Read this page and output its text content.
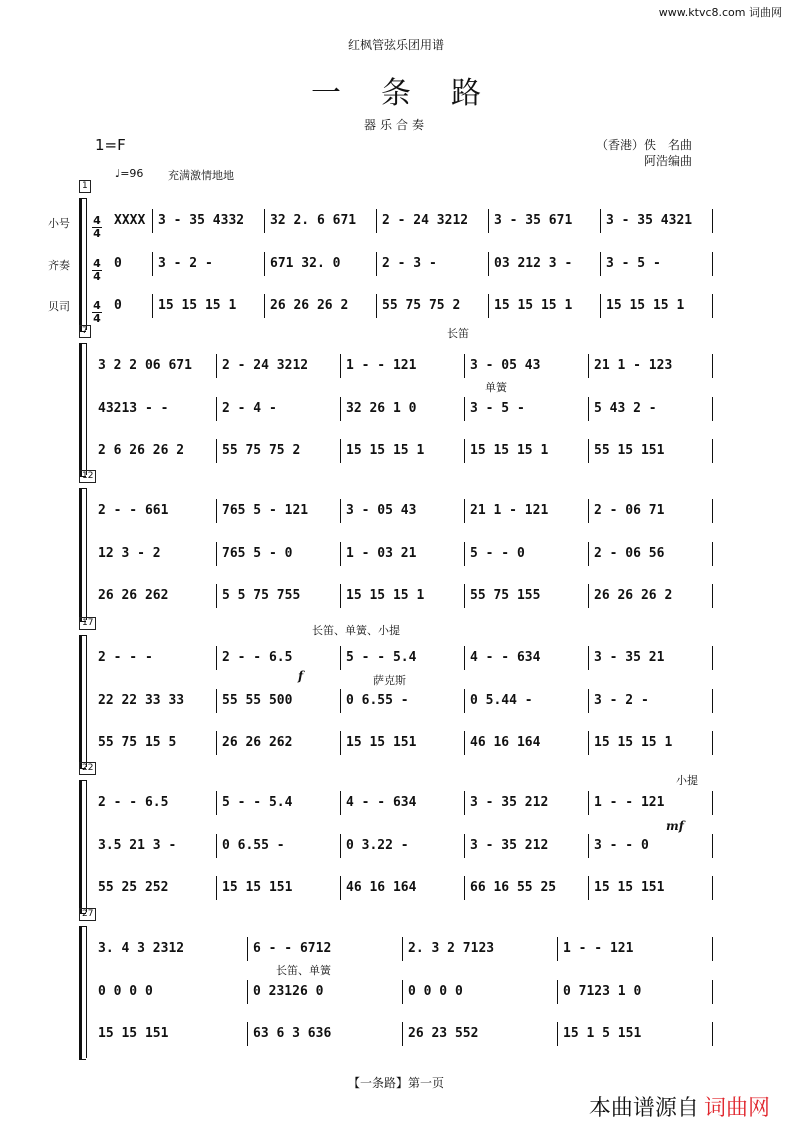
www.ktvc8.com 词曲网
红枫管弦乐团用谱
一条路
器乐合奏
1=F	（香港）佚　名曲
阿浩编曲
♩=96 充满激情地地
小号
齐奏
贝司
1
4
4
4
4
4
4
XXXX 3 - 35 4332	32 2. 6 671	2 - 24 3212	3 - 35 671	3 - 35 4321
0	3 - 2 -	671 32. 0	2 - 3 -	03 212 3 -	3 - 5 -
0	15 15 15 1	26 26 26 2	55 75 75 2	15 15 15 1	15 15 15 1
7
3 2 2 06 671	2 - 24 3212	1 - - 121	3 - 05 43	21 1 - 123
43213 - -	2 - 4 -	32 26 1 0	3 - 5 -	5 43 2 -
2 6 26 26 2	55 75 75 2	15 15 15 1	15 15 15 1	55 15 151
长笛
单簧
12
2 - - 661	765 5 - 121	3 - 05 43	21 1 - 121	2 - 06 71
12 3 - 2	765 5 - 0	1 - 03 21	5 - - 0	2 - 06 56
26 26 262	5 5 75 755	15 15 15 1	55 75 155	26 26 26 2
17
2 - - -	2 - - 6.5	5 - - 5.4	4 - - 634	3 - 35 21
22 22 33 33	55 55 500	0 6.55 -	0 5.44 -	3 - 2 -
55 75 15 5	26 26 262	15 15 151	46 16 164	15 15 15 1
长笛、单簧、小提
萨克斯
f
22
2 - - 6.5	5 - - 5.4	4 - - 634	3 - 35 212	1 - - 121
3.5 21 3 -	0 6.55 -	0 3.22 -	3 - 35 212	3 - - 0
55 25 252	15 15 151	46 16 164	66 16 55 25	15 15 151
小提
mf
27
3. 4 3 2312	6 - - 6712	2. 3 2 7123	1 - - 121
0 0 0 0	0 23126 0	0 0 0 0	0 7123 1 0
15 15 151	63 6 3 636	26 23 552	15 1 5 151
长笛、单簧
【一条路】第一页
本曲谱源自 词曲网
